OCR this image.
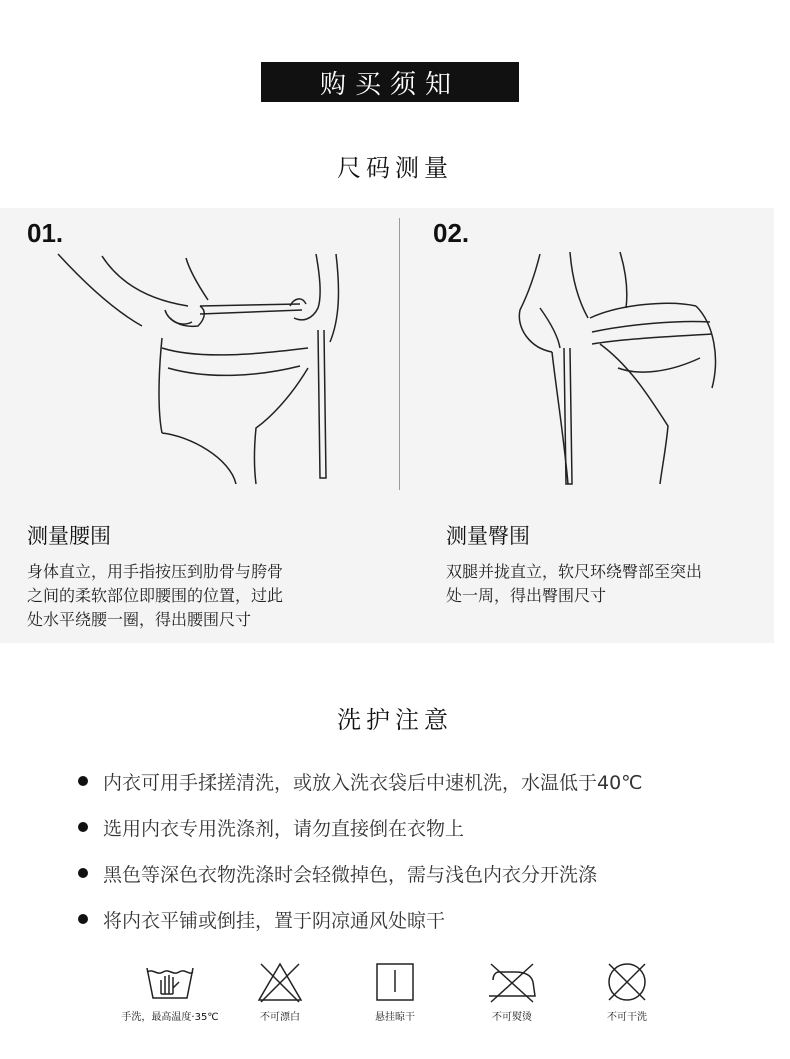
购买须知
尺码测量
01.	02.
测量腰围
身体直立，用手指按压到肋骨与胯骨
之间的柔软部位即腰围的位置，过此
处水平绕腰一圈，得出腰围尺寸
测量臀围
双腿并拢直立，软尺环绕臀部至突出
处一周，得出臀围尺寸
洗护注意
内衣可用手揉搓清洗，或放入洗衣袋后中速机洗，水温低于40℃
选用内衣专用洗涤剂，请勿直接倒在衣物上
黑色等深色衣物洗涤时会轻微掉色，需与浅色内衣分开洗涤
将内衣平铺或倒挂，置于阴凉通风处晾干
手洗，最高温度·35℃	不可漂白	悬挂晾干	不可熨烫	不可干洗
